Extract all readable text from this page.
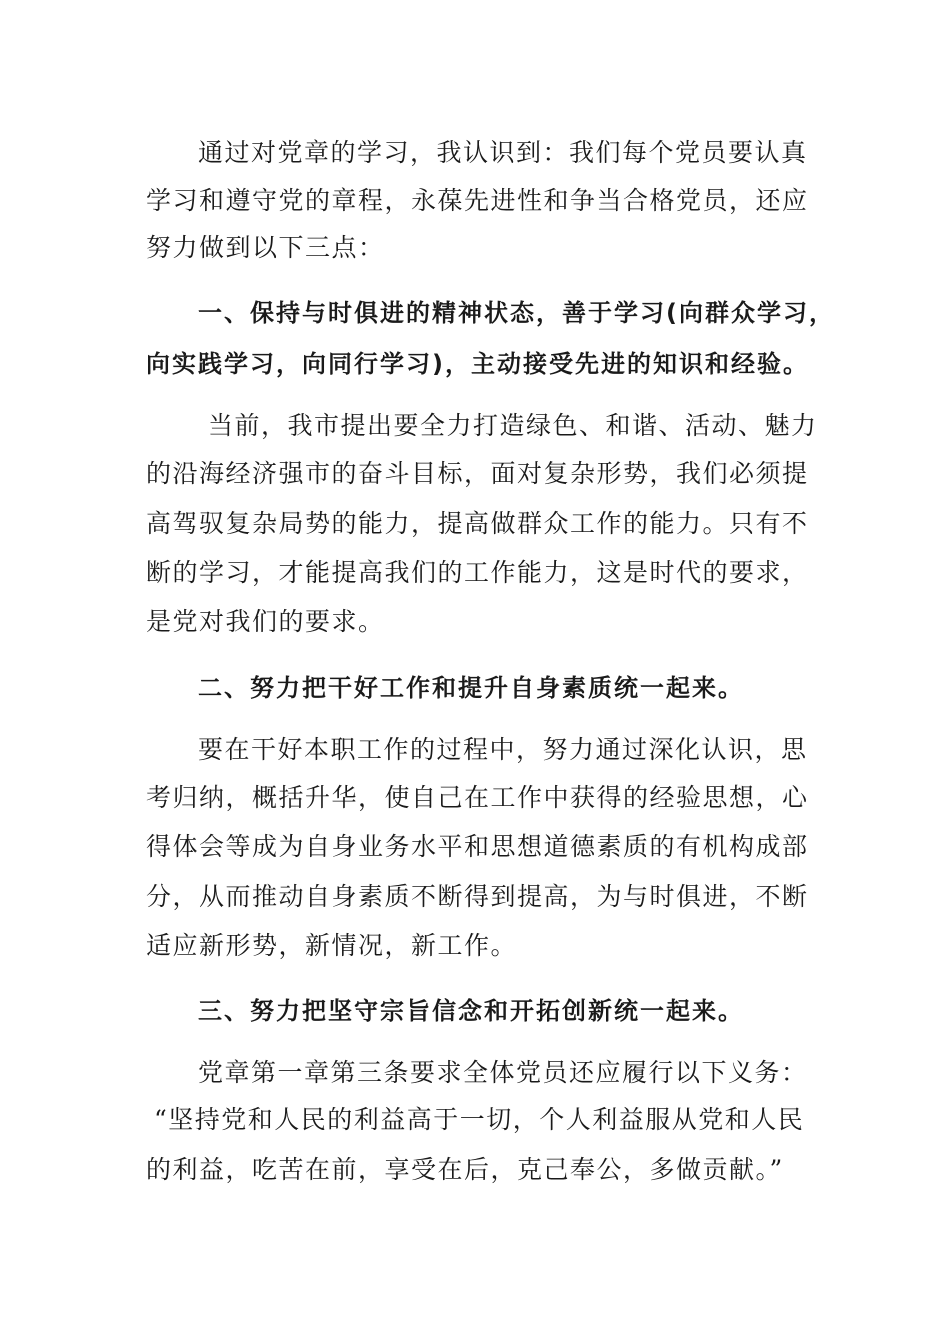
通过对党章的学习，我认识到：我们每个党员要认真
学习和遵守党的章程，永葆先进性和争当合格党员，还应
努力做到以下三点：
一、保持与时俱进的精神状态，善于学习(向群众学习，
向实践学习，向同行学习)，主动接受先进的知识和经验。
当前，我市提出要全力打造绿色、和谐、活动、魅力
的沿海经济强市的奋斗目标，面对复杂形势，我们必须提
高驾驭复杂局势的能力，提高做群众工作的能力。只有不
断的学习，才能提高我们的工作能力，这是时代的要求，
是党对我们的要求。
二、努力把干好工作和提升自身素质统一起来。
要在干好本职工作的过程中，努力通过深化认识，思
考归纳，概括升华，使自己在工作中获得的经验思想，心
得体会等成为自身业务水平和思想道德素质的有机构成部
分，从而推动自身素质不断得到提高，为与时俱进，不断
适应新形势，新情况，新工作。
三、努力把坚守宗旨信念和开拓创新统一起来。
党章第一章第三条要求全体党员还应履行以下义务：
“坚持党和人民的利益高于一切，个人利益服从党和人民
的利益，吃苦在前，享受在后，克己奉公，多做贡献。”
